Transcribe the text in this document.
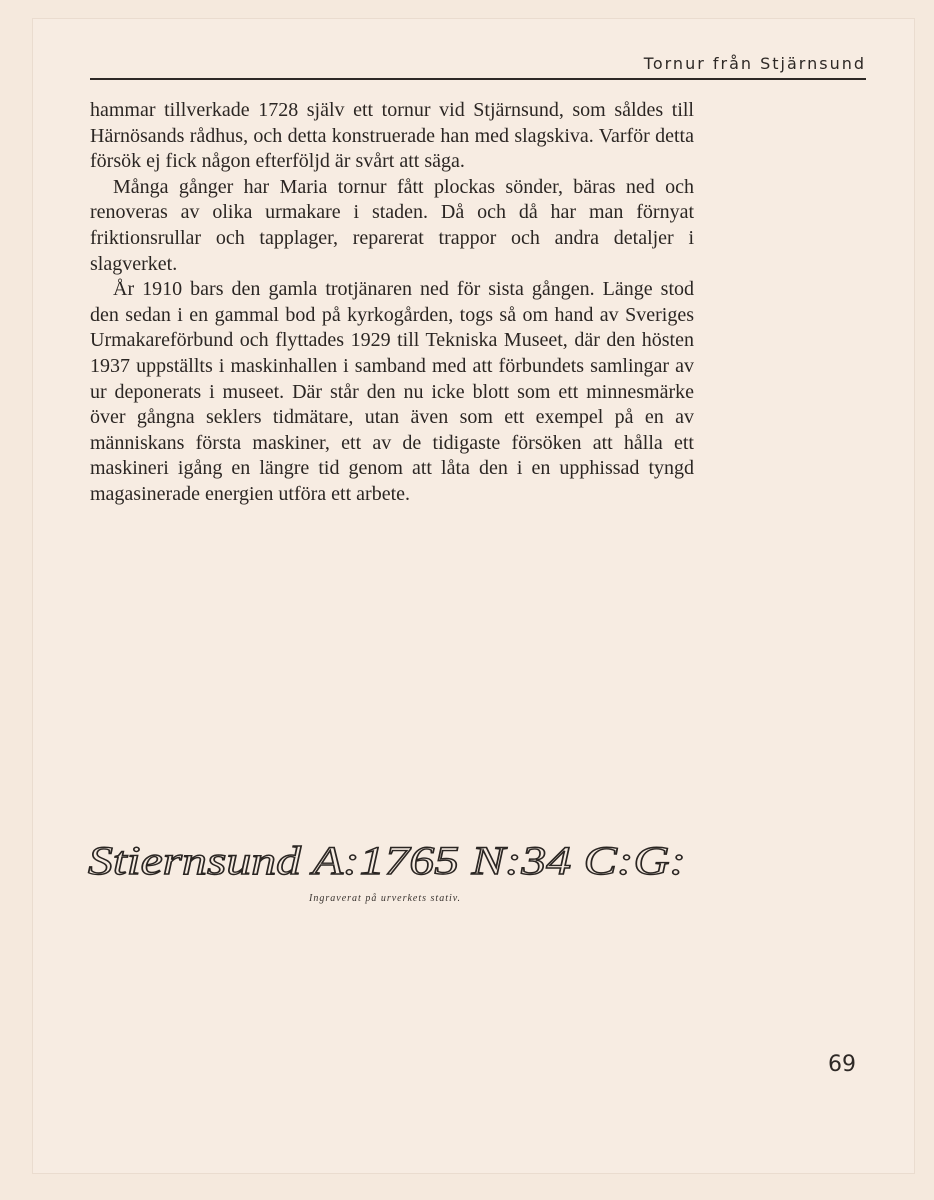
Tornur från Stjärnsund

hammar tillverkade 1728 själv ett tornur vid Stjärnsund, som såldes till Härnösands rådhus, och detta konstruerade han med slagskiva. Varför detta försök ej fick någon efterföljd är svårt att säga.

Många gånger har Maria tornur fått plockas sönder, bäras ned och renoveras av olika urmakare i staden. Då och då har man förnyat friktionsrullar och tapplager, reparerat trappor och andra detaljer i slagverket.

År 1910 bars den gamla trotjänaren ned för sista gången. Länge stod den sedan i en gammal bod på kyrkogården, togs så om hand av Sveriges Urmakareförbund och flyttades 1929 till Tekniska Museet, där den hösten 1937 uppställts i maskinhallen i samband med att förbundets samlingar av ur deponerats i museet. Där står den nu icke blott som ett minnesmärke över gångna seklers tidmätare, utan även som ett exempel på en av människans första maskiner, ett av de tidigaste försöken att hålla ett maskineri igång en längre tid genom att låta den i en upphissad tyngd magasinerade energien utföra ett arbete.

Stiernsund A:1765 N:34 C:G:
Ingraverat på urverkets stativ.
69
